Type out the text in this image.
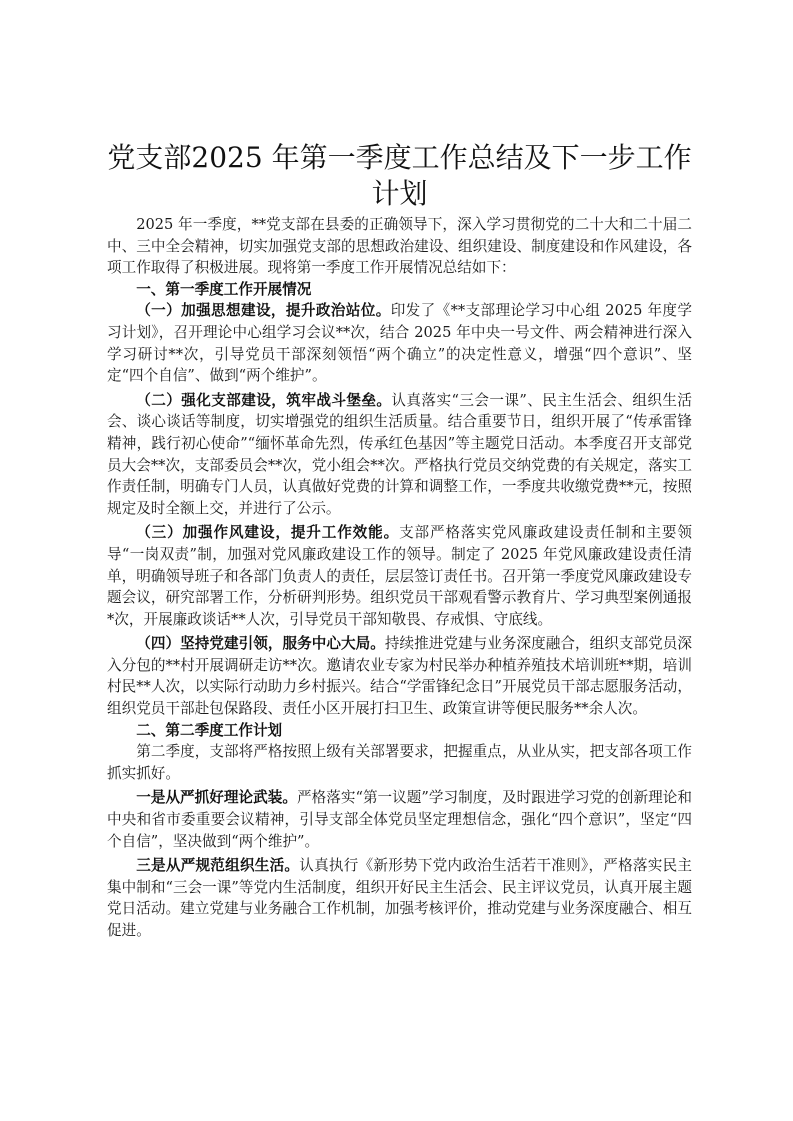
党支部2025 年第一季度工作总结及下一步工作计划

2025 年一季度，**党支部在县委的正确领导下，深入学习贯彻党的二十大和二十届二中、三中全会精神，切实加强党支部的思想政治建设、组织建设、制度建设和作风建设，各项工作取得了积极进展。现将第一季度工作开展情况总结如下：

一、第一季度工作开展情况

（一）加强思想建设，提升政治站位。印发了《**支部理论学习中心组 2025 年度学习计划》，召开理论中心组学习会议**次，结合 2025 年中央一号文件、两会精神进行深入学习研讨**次，引导党员干部深刻领悟“两个确立”的决定性意义，增强“四个意识”、坚定“四个自信”、做到“两个维护”。

（二）强化支部建设，筑牢战斗堡垒。认真落实“三会一课”、民主生活会、组织生活会、谈心谈话等制度，切实增强党的组织生活质量。结合重要节日，组织开展了“传承雷锋精神，践行初心使命”“缅怀革命先烈，传承红色基因”等主题党日活动。本季度召开支部党员大会**次，支部委员会**次，党小组会**次。严格执行党员交纳党费的有关规定，落实工作责任制，明确专门人员，认真做好党费的计算和调整工作，一季度共收缴党费**元，按照规定及时全额上交，并进行了公示。

（三）加强作风建设，提升工作效能。支部严格落实党风廉政建设责任制和主要领导“一岗双责”制，加强对党风廉政建设工作的领导。制定了 2025 年党风廉政建设责任清单，明确领导班子和各部门负责人的责任，层层签订责任书。召开第一季度党风廉政建设专题会议，研究部署工作，分析研判形势。组织党员干部观看警示教育片、学习典型案例通报*次，开展廉政谈话**人次，引导党员干部知敬畏、存戒惧、守底线。

（四）坚持党建引领，服务中心大局。持续推进党建与业务深度融合，组织支部党员深入分包的**村开展调研走访**次。邀请农业专家为村民举办种植养殖技术培训班**期，培训村民**人次，以实际行动助力乡村振兴。结合“学雷锋纪念日”开展党员干部志愿服务活动，组织党员干部赴包保路段、责任小区开展打扫卫生、政策宣讲等便民服务**余人次。

二、第二季度工作计划

第二季度，支部将严格按照上级有关部署要求，把握重点，从业从实，把支部各项工作抓实抓好。

一是从严抓好理论武装。严格落实“第一议题”学习制度，及时跟进学习党的创新理论和中央和省市委重要会议精神，引导支部全体党员坚定理想信念，强化“四个意识”，坚定“四个自信”，坚决做到“两个维护”。

三是从严规范组织生活。认真执行《新形势下党内政治生活若干准则》，严格落实民主集中制和“三会一课”等党内生活制度，组织开好民主生活会、民主评议党员，认真开展主题党日活动。建立党建与业务融合工作机制，加强考核评价，推动党建与业务深度融合、相互促进。
